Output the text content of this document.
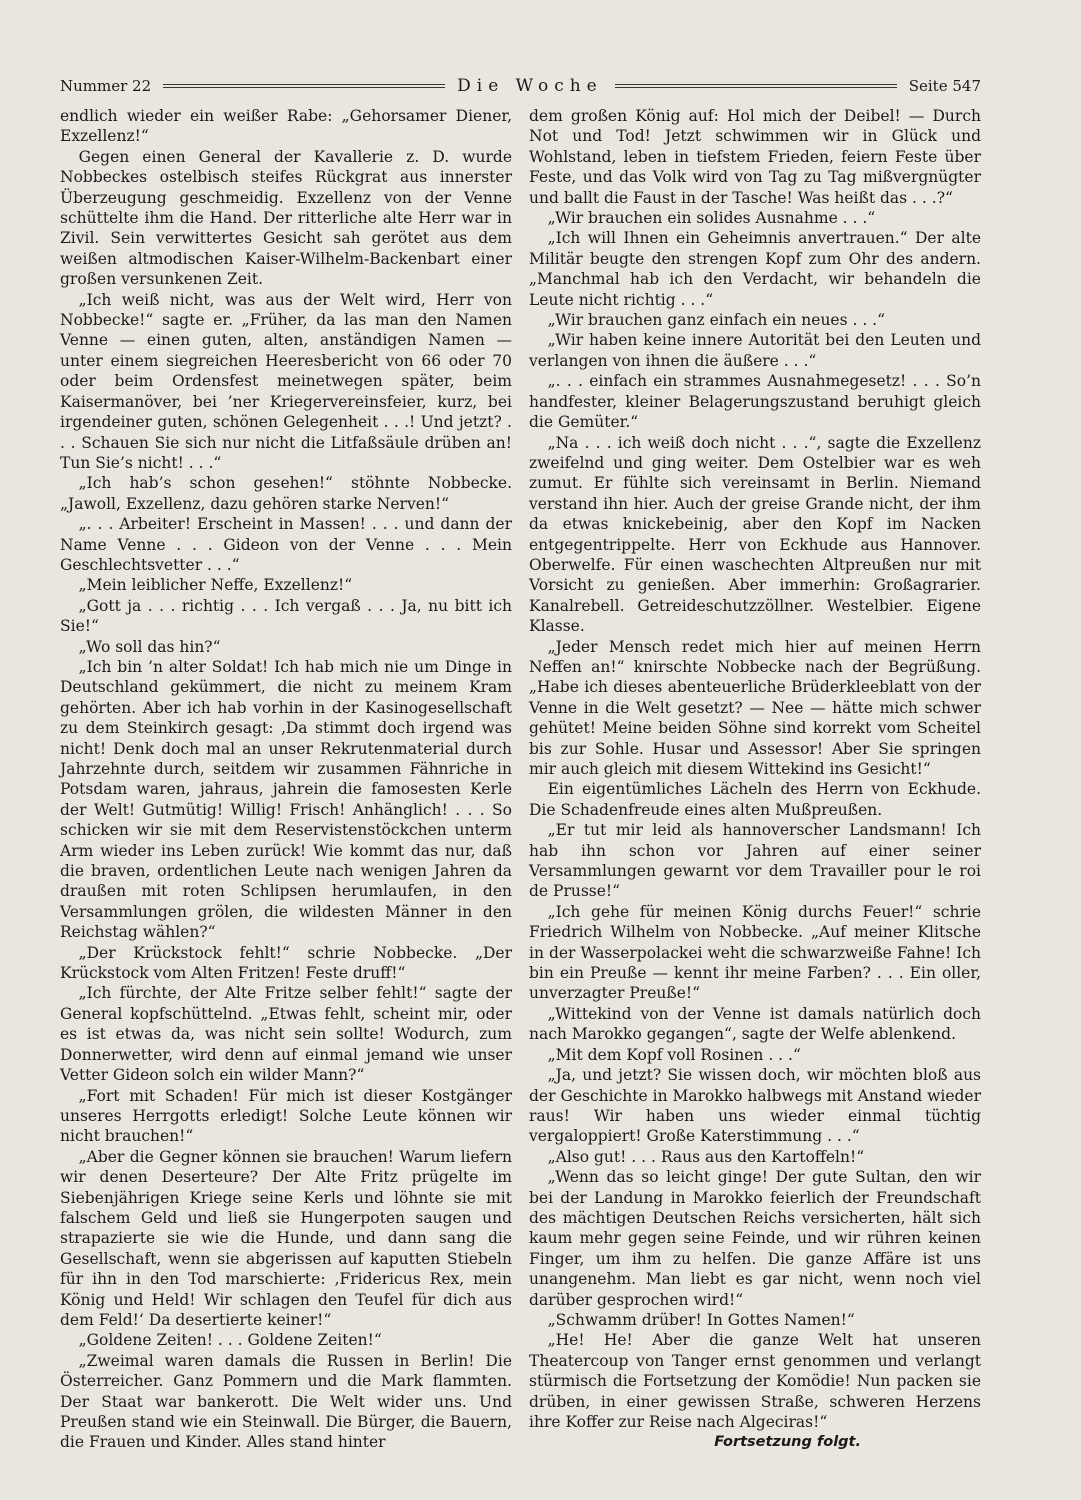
Nummer 22	Die Woche	Seite 547

endlich wieder ein weißer Rabe: „Gehorsamer Diener, Exzellenz!“

Gegen einen General der Kavallerie z. D. wurde Nobbeckes ostelbisch steifes Rückgrat aus innerster Überzeugung geschmeidig. Exzellenz von der Venne schüttelte ihm die Hand. Der ritterliche alte Herr war in Zivil. Sein verwittertes Gesicht sah gerötet aus dem weißen altmodischen Kaiser-Wilhelm-Backenbart einer großen versunkenen Zeit.

„Ich weiß nicht, was aus der Welt wird, Herr von Nobbecke!“ sagte er. „Früher, da las man den Namen Venne — einen guten, alten, anständigen Namen — unter einem siegreichen Heeresbericht von 66 oder 70 oder beim Ordensfest meinetwegen später, beim Kaisermanöver, bei ’ner Kriegervereinsfeier, kurz, bei irgendeiner guten, schönen Gelegenheit . . .! Und jetzt? . . . Schauen Sie sich nur nicht die Litfaßsäule drüben an! Tun Sie’s nicht! . . .“

„Ich hab’s schon gesehen!“ stöhnte Nobbecke. „Jawoll, Exzellenz, dazu gehören starke Nerven!“

„. . . Arbeiter! Erscheint in Massen! . . . und dann der Name Venne . . . Gideon von der Venne . . . Mein Geschlechtsvetter . . .“

„Mein leiblicher Neffe, Exzellenz!“

„Gott ja . . . richtig . . . Ich vergaß . . . Ja, nu bitt ich Sie!“

„Wo soll das hin?“

„Ich bin ’n alter Soldat! Ich hab mich nie um Dinge in Deutschland gekümmert, die nicht zu meinem Kram gehörten. Aber ich hab vorhin in der Kasinogesellschaft zu dem Steinkirch gesagt: ‚Da stimmt doch irgend was nicht! Denk doch mal an unser Rekrutenmaterial durch Jahrzehnte durch, seitdem wir zusammen Fähnriche in Potsdam waren, jahraus, jahrein die famosesten Kerle der Welt! Gutmütig! Willig! Frisch! Anhänglich! . . . So schicken wir sie mit dem Reservistenstöckchen unterm Arm wieder ins Leben zurück! Wie kommt das nur, daß die braven, ordentlichen Leute nach wenigen Jahren da draußen mit roten Schlipsen herumlaufen, in den Versammlungen grölen, die wildesten Männer in den Reichstag wählen?“

„Der Krückstock fehlt!“ schrie Nobbecke. „Der Krückstock vom Alten Fritzen! Feste druff!“

„Ich fürchte, der Alte Fritze selber fehlt!“ sagte der General kopfschüttelnd. „Etwas fehlt, scheint mir, oder es ist etwas da, was nicht sein sollte! Wodurch, zum Donnerwetter, wird denn auf einmal jemand wie unser Vetter Gideon solch ein wilder Mann?“

„Fort mit Schaden! Für mich ist dieser Kostgänger unseres Herrgotts erledigt! Solche Leute können wir nicht brauchen!“

„Aber die Gegner können sie brauchen! Warum liefern wir denen Deserteure? Der Alte Fritz prügelte im Siebenjährigen Kriege seine Kerls und löhnte sie mit falschem Geld und ließ sie Hungerpoten saugen und strapazierte sie wie die Hunde, und dann sang die Gesellschaft, wenn sie abgerissen auf kaputten Stiebeln für ihn in den Tod marschierte: ‚Fridericus Rex, mein König und Held! Wir schlagen den Teufel für dich aus dem Feld!‘ Da desertierte keiner!“

„Goldene Zeiten! . . . Goldene Zeiten!“

„Zweimal waren damals die Russen in Berlin! Die Österreicher. Ganz Pommern und die Mark flammten. Der Staat war bankerott. Die Welt wider uns. Und Preußen stand wie ein Steinwall. Die Bürger, die Bauern, die Frauen und Kinder. Alles stand hinter

dem großen König auf: Hol mich der Deibel! — Durch Not und Tod! Jetzt schwimmen wir in Glück und Wohlstand, leben in tiefstem Frieden, feiern Feste über Feste, und das Volk wird von Tag zu Tag mißvergnügter und ballt die Faust in der Tasche! Was heißt das . . .?“

„Wir brauchen ein solides Ausnahme . . .“

„Ich will Ihnen ein Geheimnis anvertrauen.“ Der alte Militär beugte den strengen Kopf zum Ohr des andern. „Manchmal hab ich den Verdacht, wir behandeln die Leute nicht richtig . . .“

„Wir brauchen ganz einfach ein neues . . .“

„Wir haben keine innere Autorität bei den Leuten und verlangen von ihnen die äußere . . .“

„. . . einfach ein strammes Ausnahmegesetz! . . . So’n handfester, kleiner Belagerungszustand beruhigt gleich die Gemüter.“

„Na . . . ich weiß doch nicht . . .“, sagte die Exzellenz zweifelnd und ging weiter. Dem Ostelbier war es weh zumut. Er fühlte sich vereinsamt in Berlin. Niemand verstand ihn hier. Auch der greise Grande nicht, der ihm da etwas knickebeinig, aber den Kopf im Nacken entgegentrippelte. Herr von Eckhude aus Hannover. Oberwelfe. Für einen waschechten Altpreußen nur mit Vorsicht zu genießen. Aber immerhin: Großagrarier. Kanalrebell. Getreideschutzzöllner. Westelbier. Eigene Klasse.

„Jeder Mensch redet mich hier auf meinen Herrn Neffen an!“ knirschte Nobbecke nach der Begrüßung. „Habe ich dieses abenteuerliche Brüderkleeblatt von der Venne in die Welt gesetzt? — Nee — hätte mich schwer gehütet! Meine beiden Söhne sind korrekt vom Scheitel bis zur Sohle. Husar und Assessor! Aber Sie springen mir auch gleich mit diesem Wittekind ins Gesicht!“

Ein eigentümliches Lächeln des Herrn von Eckhude. Die Schadenfreude eines alten Mußpreußen.

„Er tut mir leid als hannoverscher Landsmann! Ich hab ihn schon vor Jahren auf einer seiner Versammlungen gewarnt vor dem Travailler pour le roi de Prusse!“

„Ich gehe für meinen König durchs Feuer!“ schrie Friedrich Wilhelm von Nobbecke. „Auf meiner Klitsche in der Wasserpolackei weht die schwarzweiße Fahne! Ich bin ein Preuße — kennt ihr meine Farben? . . . Ein oller, unverzagter Preuße!“

„Wittekind von der Venne ist damals natürlich doch nach Marokko gegangen“, sagte der Welfe ablenkend.

„Mit dem Kopf voll Rosinen . . .“

„Ja, und jetzt? Sie wissen doch, wir möchten bloß aus der Geschichte in Marokko halbwegs mit Anstand wieder raus! Wir haben uns wieder einmal tüchtig vergaloppiert! Große Katerstimmung . . .“

„Also gut! . . . Raus aus den Kartoffeln!“

„Wenn das so leicht ginge! Der gute Sultan, den wir bei der Landung in Marokko feierlich der Freundschaft des mächtigen Deutschen Reichs versicherten, hält sich kaum mehr gegen seine Feinde, und wir rühren keinen Finger, um ihm zu helfen. Die ganze Affäre ist uns unangenehm. Man liebt es gar nicht, wenn noch viel darüber gesprochen wird!“

„Schwamm drüber! In Gottes Namen!“

„He! He! Aber die ganze Welt hat unseren Theatercoup von Tanger ernst genommen und verlangt stürmisch die Fortsetzung der Komödie! Nun packen sie drüben, in einer gewissen Straße, schweren Herzens ihre Koffer zur Reise nach Algeciras!“

Fortsetzung folgt.
